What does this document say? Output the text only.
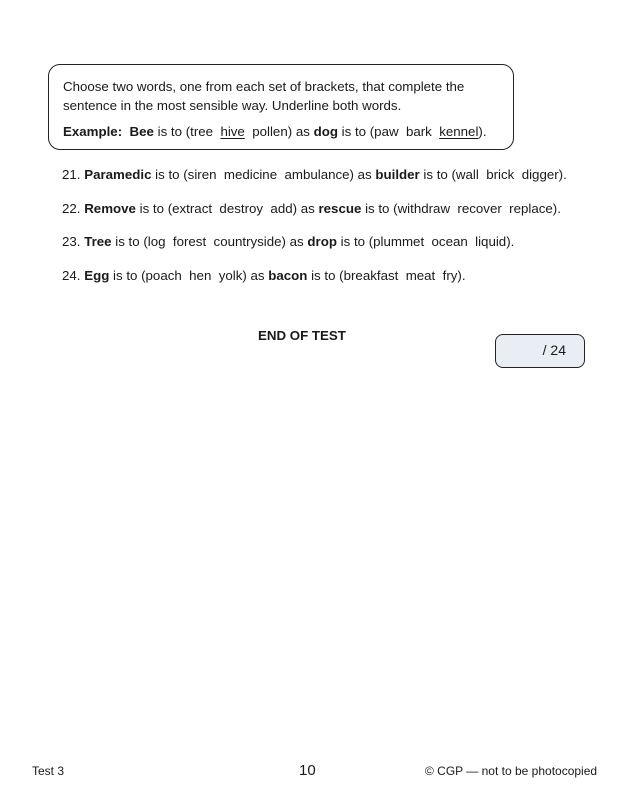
Choose two words, one from each set of brackets, that complete the
sentence in the most sensible way. Underline both words.
Example: Bee is to (tree  hive  pollen) as dog is to (paw  bark  kennel).
21. Paramedic is to (siren  medicine  ambulance) as builder is to (wall  brick  digger).
22. Remove is to (extract  destroy  add) as rescue is to (withdraw  recover  replace).
23. Tree is to (log  forest  countryside) as drop is to (plummet  ocean  liquid).
24. Egg is to (poach  hen  yolk) as bacon is to (breakfast  meat  fry).
END OF TEST
/ 24
Test 3	10	© CGP — not to be photocopied
